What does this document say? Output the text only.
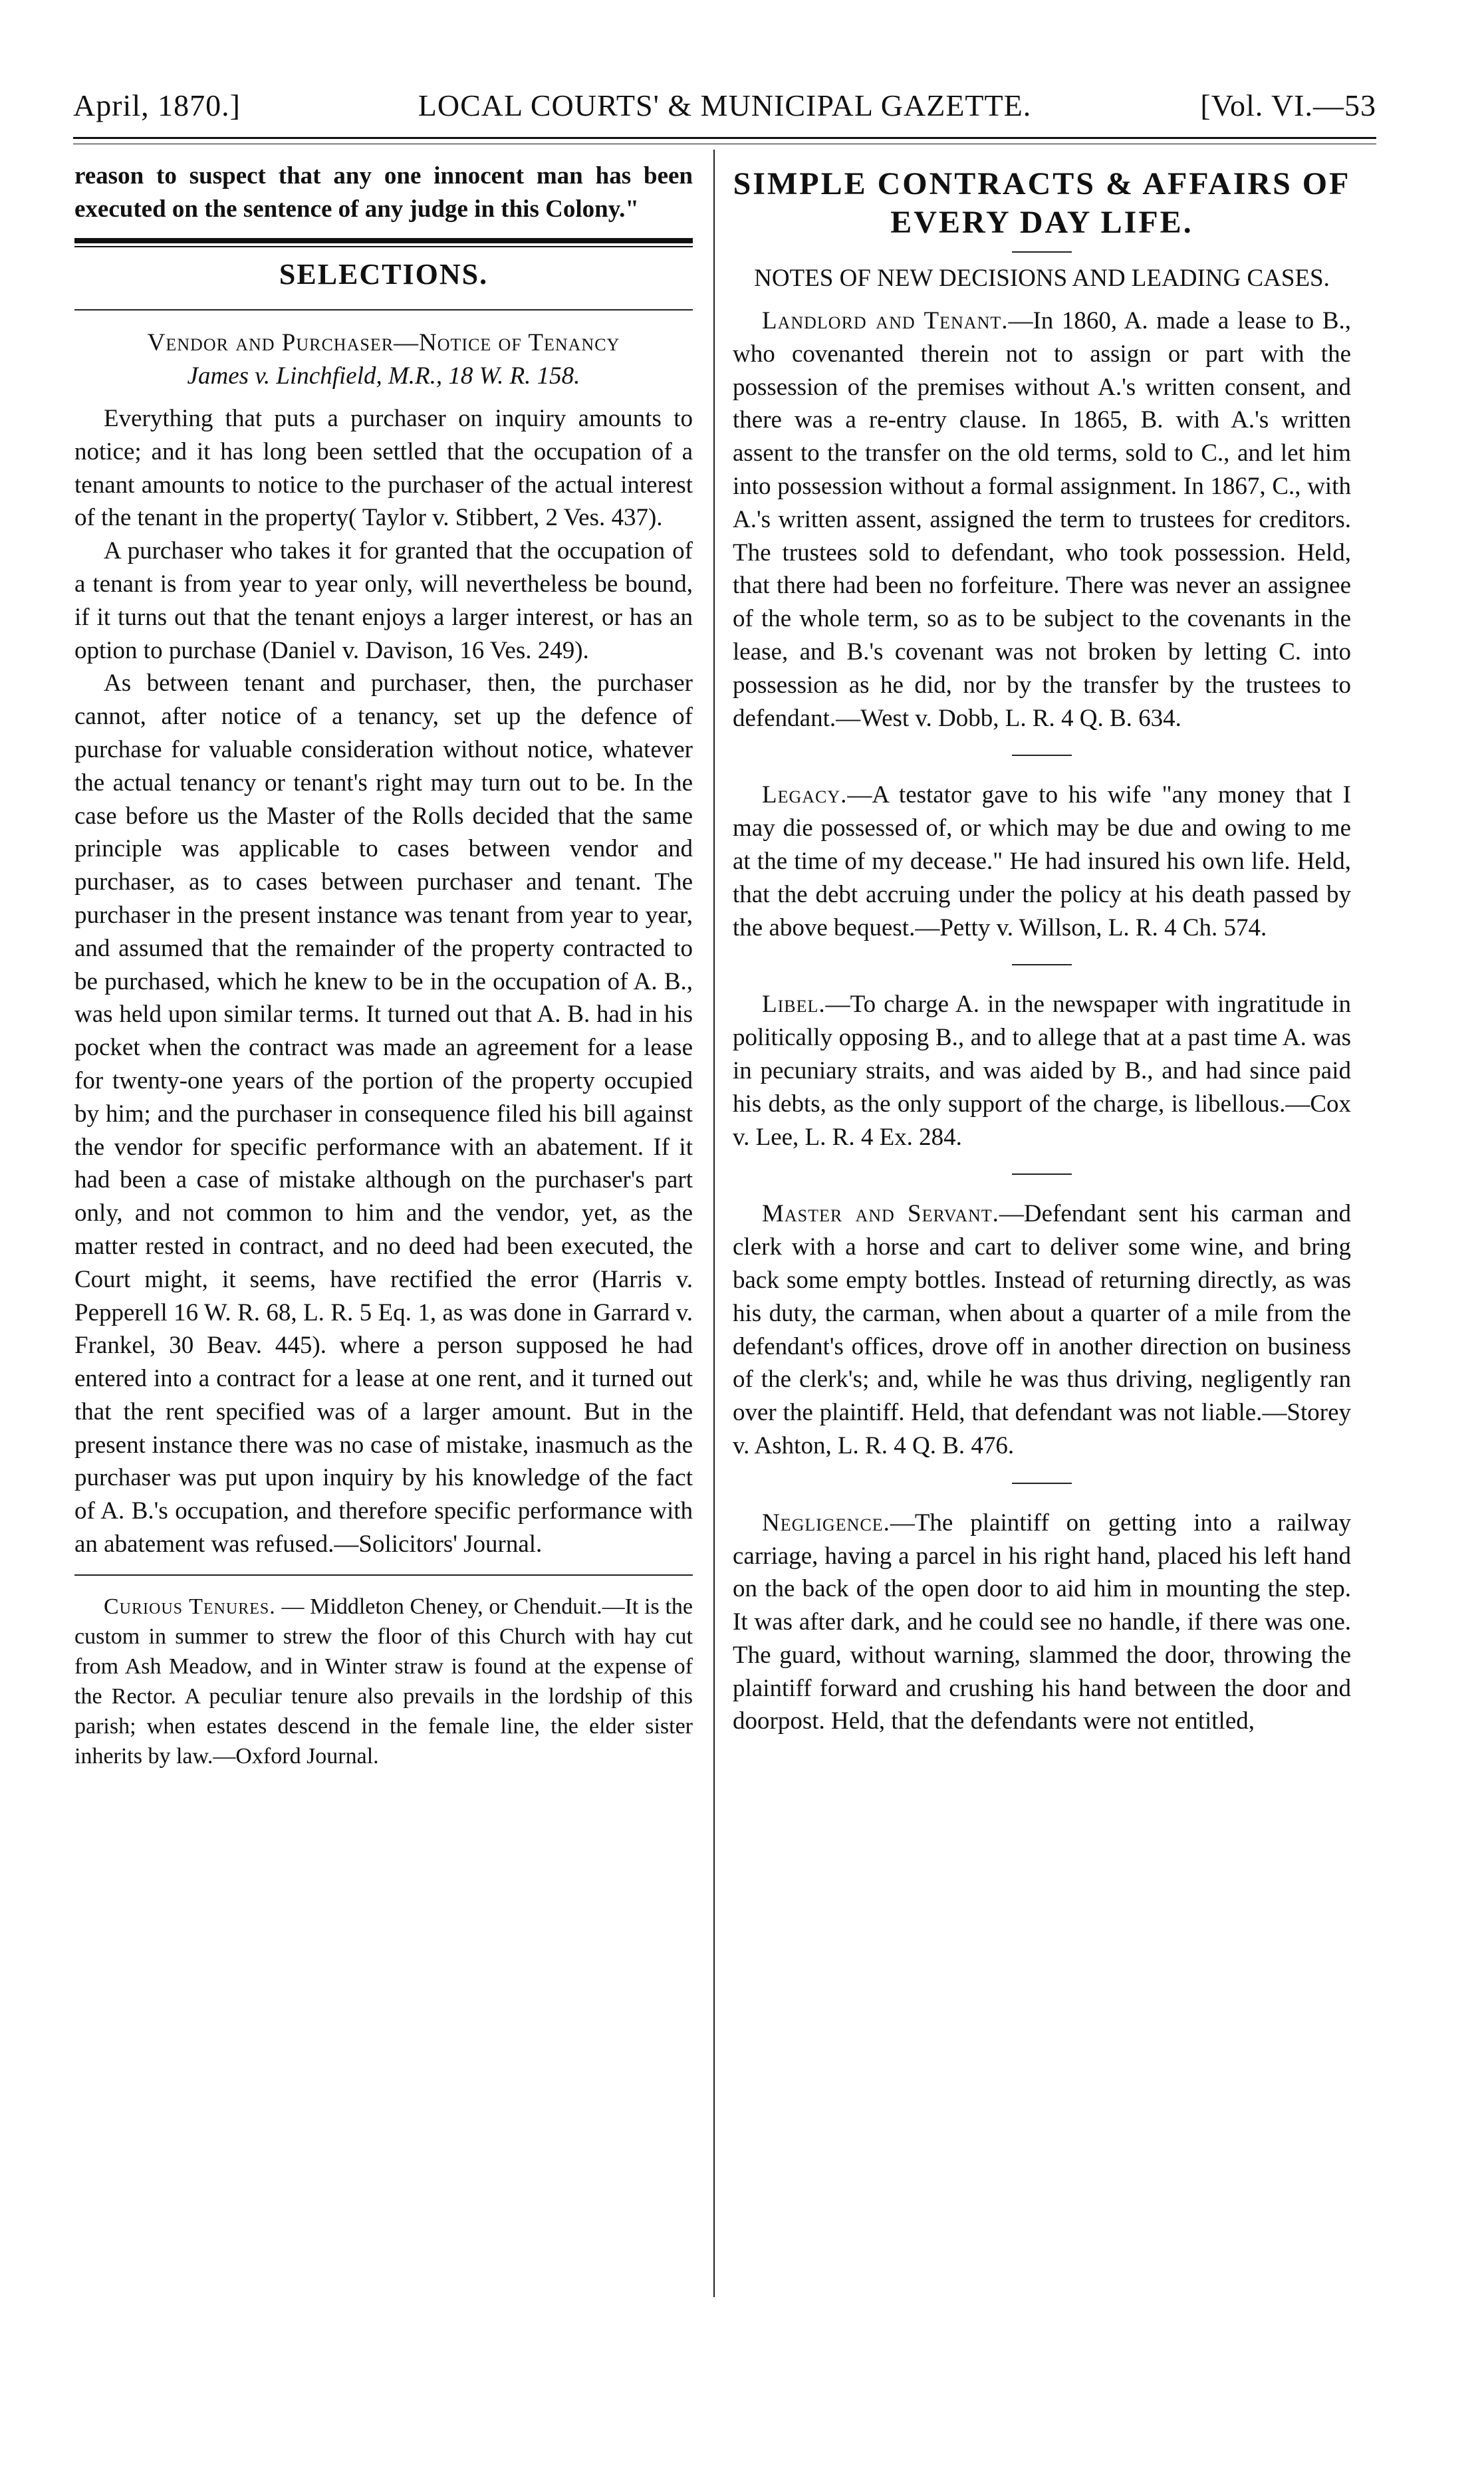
April, 1870.]	LOCAL COURTS' & MUNICIPAL GAZETTE.	[Vol. VI.—53

reason to suspect that any one innocent man has been executed on the sentence of any judge in this Colony."

SELECTIONS.
Vendor and Purchaser—Notice of Tenancy
James v. Linchfield, M.R., 18 W. R. 158.

Everything that puts a purchaser on inquiry amounts to notice; and it has long been settled that the occupation of a tenant amounts to notice to the purchaser of the actual interest of the tenant in the property( Taylor v. Stibbert, 2 Ves. 437).

A purchaser who takes it for granted that the occupation of a tenant is from year to year only, will nevertheless be bound, if it turns out that the tenant enjoys a larger interest, or has an option to purchase (Daniel v. Davison, 16 Ves. 249).

As between tenant and purchaser, then, the purchaser cannot, after notice of a tenancy, set up the defence of purchase for valuable consideration without notice, whatever the actual tenancy or tenant's right may turn out to be. In the case before us the Master of the Rolls decided that the same principle was applicable to cases between vendor and purchaser, as to cases between purchaser and tenant. The purchaser in the present instance was tenant from year to year, and assumed that the remainder of the property contracted to be purchased, which he knew to be in the occupation of A. B., was held upon similar terms. It turned out that A. B. had in his pocket when the contract was made an agreement for a lease for twenty-one years of the portion of the property occupied by him; and the purchaser in consequence filed his bill against the vendor for specific performance with an abatement. If it had been a case of mistake although on the purchaser's part only, and not common to him and the vendor, yet, as the matter rested in contract, and no deed had been executed, the Court might, it seems, have rectified the error (Harris v. Pepperell 16 W. R. 68, L. R. 5 Eq. 1, as was done in Garrard v. Frankel, 30 Beav. 445). where a person supposed he had entered into a contract for a lease at one rent, and it turned out that the rent specified was of a larger amount. But in the present instance there was no case of mistake, inasmuch as the purchaser was put upon inquiry by his knowledge of the fact of A. B.'s occupation, and therefore specific performance with an abatement was refused.—Solicitors' Journal.

Curious Tenures. — Middleton Cheney, or Chenduit.—It is the custom in summer to strew the floor of this Church with hay cut from Ash Meadow, and in Winter straw is found at the expense of the Rector. A peculiar tenure also prevails in the lordship of this parish; when estates descend in the female line, the elder sister inherits by law.—Oxford Journal.

SIMPLE CONTRACTS & AFFAIRS OF EVERY DAY LIFE.
NOTES OF NEW DECISIONS AND LEADING CASES.

Landlord and Tenant.—In 1860, A. made a lease to B., who covenanted therein not to assign or part with the possession of the premises without A.'s written consent, and there was a re-entry clause. In 1865, B. with A.'s written assent to the transfer on the old terms, sold to C., and let him into possession without a formal assignment. In 1867, C., with A.'s written assent, assigned the term to trustees for creditors. The trustees sold to defendant, who took possession. Held, that there had been no forfeiture. There was never an assignee of the whole term, so as to be subject to the covenants in the lease, and B.'s covenant was not broken by letting C. into possession as he did, nor by the transfer by the trustees to defendant.—West v. Dobb, L. R. 4 Q. B. 634.

Legacy.—A testator gave to his wife "any money that I may die possessed of, or which may be due and owing to me at the time of my decease." He had insured his own life. Held, that the debt accruing under the policy at his death passed by the above bequest.—Petty v. Willson, L. R. 4 Ch. 574.

Libel.—To charge A. in the newspaper with ingratitude in politically opposing B., and to allege that at a past time A. was in pecuniary straits, and was aided by B., and had since paid his debts, as the only support of the charge, is libellous.—Cox v. Lee, L. R. 4 Ex. 284.

Master and Servant.—Defendant sent his carman and clerk with a horse and cart to deliver some wine, and bring back some empty bottles. Instead of returning directly, as was his duty, the carman, when about a quarter of a mile from the defendant's offices, drove off in another direction on business of the clerk's; and, while he was thus driving, negligently ran over the plaintiff. Held, that defendant was not liable.—Storey v. Ashton, L. R. 4 Q. B. 476.

Negligence.—The plaintiff on getting into a railway carriage, having a parcel in his right hand, placed his left hand on the back of the open door to aid him in mounting the step. It was after dark, and he could see no handle, if there was one. The guard, without warning, slammed the door, throwing the plaintiff forward and crushing his hand between the door and doorpost. Held, that the defendants were not entitled,
